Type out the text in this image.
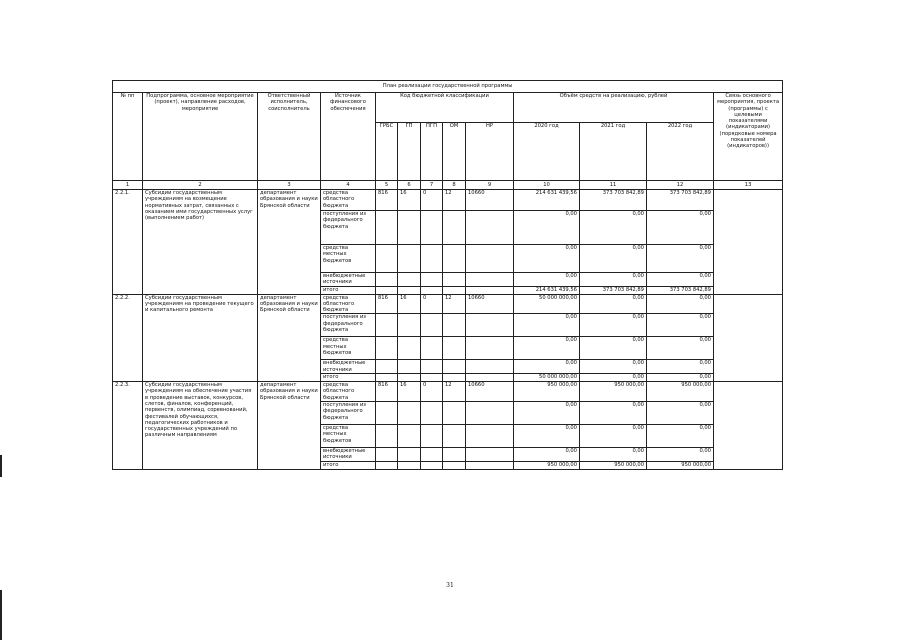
План реализации государственной программы												
№ пп	Подпрограмма, основное мероприятие (проект), направление расходов, мероприятие	Ответственный исполнитель, соисполнитель	Источник финансового обеспечения	Код бюджетной классификации					Объём средств на реализацию, рублей			Связь основного мероприятия, проекта (программы) с целевыми показателями (индикаторами) (порядковые номера показателей (индикаторов))
				ГРБС	ГП	ПГП	ОМ	НР	2020 год	2021 год	2022 год	
1	2	3	4	5	6	7	8	9	10	11	12	13
2.2.1.	Субсидии государственным учреждениям на возмещение нормативных затрат, связанных с оказанием ими государственных услуг (выполнением работ)	департамент образования и науки Брянской области	средства областного бюджета	816	16	0	12	10660	214 631 439,56	373 703 842,89	373 703 842,89	
			поступления из федерального бюджета						0,00	0,00	0,00	
			средства местных бюджетов						0,00	0,00	0,00	
			внебюджетные источники						0,00	0,00	0,00	
			итого						214 631 439,56	373 703 842,89	373 703 842,89	
2.2.2.	Субсидии государственным учреждениям на проведение текущего и капитального ремонта	департамент образования и науки Брянской области	средства областного бюджета	816	16	0	12	10660	50 000 000,00	0,00	0,00	
			поступления из федерального бюджета						0,00	0,00	0,00	
			средства местных бюджетов						0,00	0,00	0,00	
			внебюджетные источники						0,00	0,00	0,00	
			итого						50 000 000,00	0,00	0,00	
2.2.3.	Субсидии государственным учреждениям на обеспечение участия в проведение выставок, конкурсов, слетов, финалов, конференций, первенств, олимпиад, соревнований, фестивалей обучающихся, педагогических работников и государственных учреждений по различным направлениям	департамент образования и науки Брянской области	средства областного бюджета	816	16	0	12	10660	950 000,00	950 000,00	950 000,00	
			поступления из федерального бюджета						0,00	0,00	0,00	
			средства местных бюджетов						0,00	0,00	0,00	
			внебюджетные источники						0,00	0,00	0,00	
			итого						950 000,00	950 000,00	950 000,00	
31
